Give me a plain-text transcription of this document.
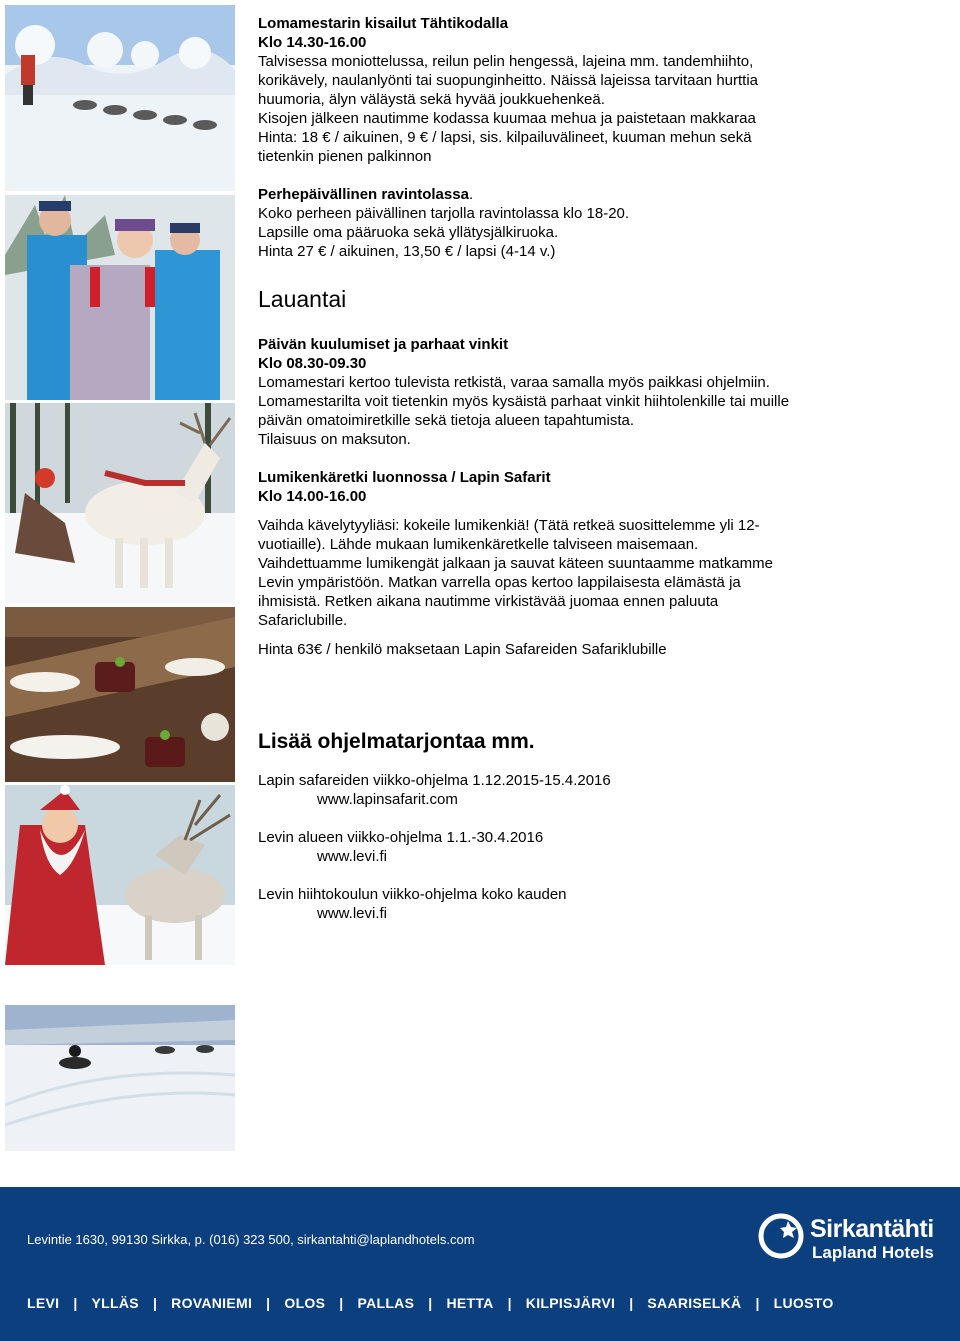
Lomamestarin kisailut Tähtikodalla
Klo 14.30-16.00
Talvisessa moniottelussa, reilun pelin hengessä, lajeina mm. tandemhiihto,
korikävely, naulanlyönti tai suopunginheitto. Näissä lajeissa tarvitaan hurttia
huumoria, älyn väläystä sekä hyvää joukkuehenkeä.
Kisojen jälkeen nautimme kodassa kuumaa mehua ja paistetaan makkaraa
Hinta: 18 € / aikuinen, 9 € / lapsi, sis. kilpailuvälineet, kuuman mehun sekä
tietenkin pienen palkinnon
Perhepäivällinen ravintolassa.
Koko perheen päivällinen tarjolla ravintolassa klo 18-20.
Lapsille oma pääruoka sekä yllätysjälkiruoka.
Hinta 27 € / aikuinen, 13,50 € / lapsi (4-14 v.)
Lauantai
Päivän kuulumiset ja parhaat vinkit
Klo 08.30-09.30
Lomamestari kertoo tulevista retkistä, varaa samalla myös paikkasi ohjelmiin.
Lomamestarilta voit tietenkin myös kysäistä parhaat vinkit hiihtolenkille tai muille
päivän omatoimiretkille sekä tietoja alueen tapahtumista.
Tilaisuus on maksuton.
Lumikenkäretki luonnossa / Lapin Safarit
Klo 14.00-16.00
Vaihda kävelytyyliäsi: kokeile lumikenkiä! (Tätä retkeä suosittelemme yli 12-
vuotiaille). Lähde mukaan lumikenkäretkelle talviseen maisemaan.
Vaihdettuamme lumikengät jalkaan ja sauvat käteen suuntaamme matkamme
Levin ympäristöön. Matkan varrella opas kertoo lappilaisesta elämästä ja
ihmisistä. Retken aikana nautimme virkistävää juomaa ennen paluuta
Safariclubille.
Hinta 63€ / henkilö maksetaan Lapin Safareiden Safariklubille
Lisää ohjelmatarjontaa mm.
Lapin safareiden viikko-ohjelma 1.12.2015-15.4.2016
www.lapinsafarit.com
Levin alueen viikko-ohjelma 1.1.-30.4.2016
www.levi.fi
Levin hiihtokoulun viikko-ohjelma koko kauden
www.levi.fi
Levintie 1630, 99130 Sirkka, p. (016) 323 500, sirkantahti@laplandhotels.com	Sirkantähti
Lapland Hotels
LEVI | YLLÄS | ROVANIEMI | OLOS | PALLAS | HETTA | KILPISJÄRVI | SAARISELKÄ | LUOSTO
